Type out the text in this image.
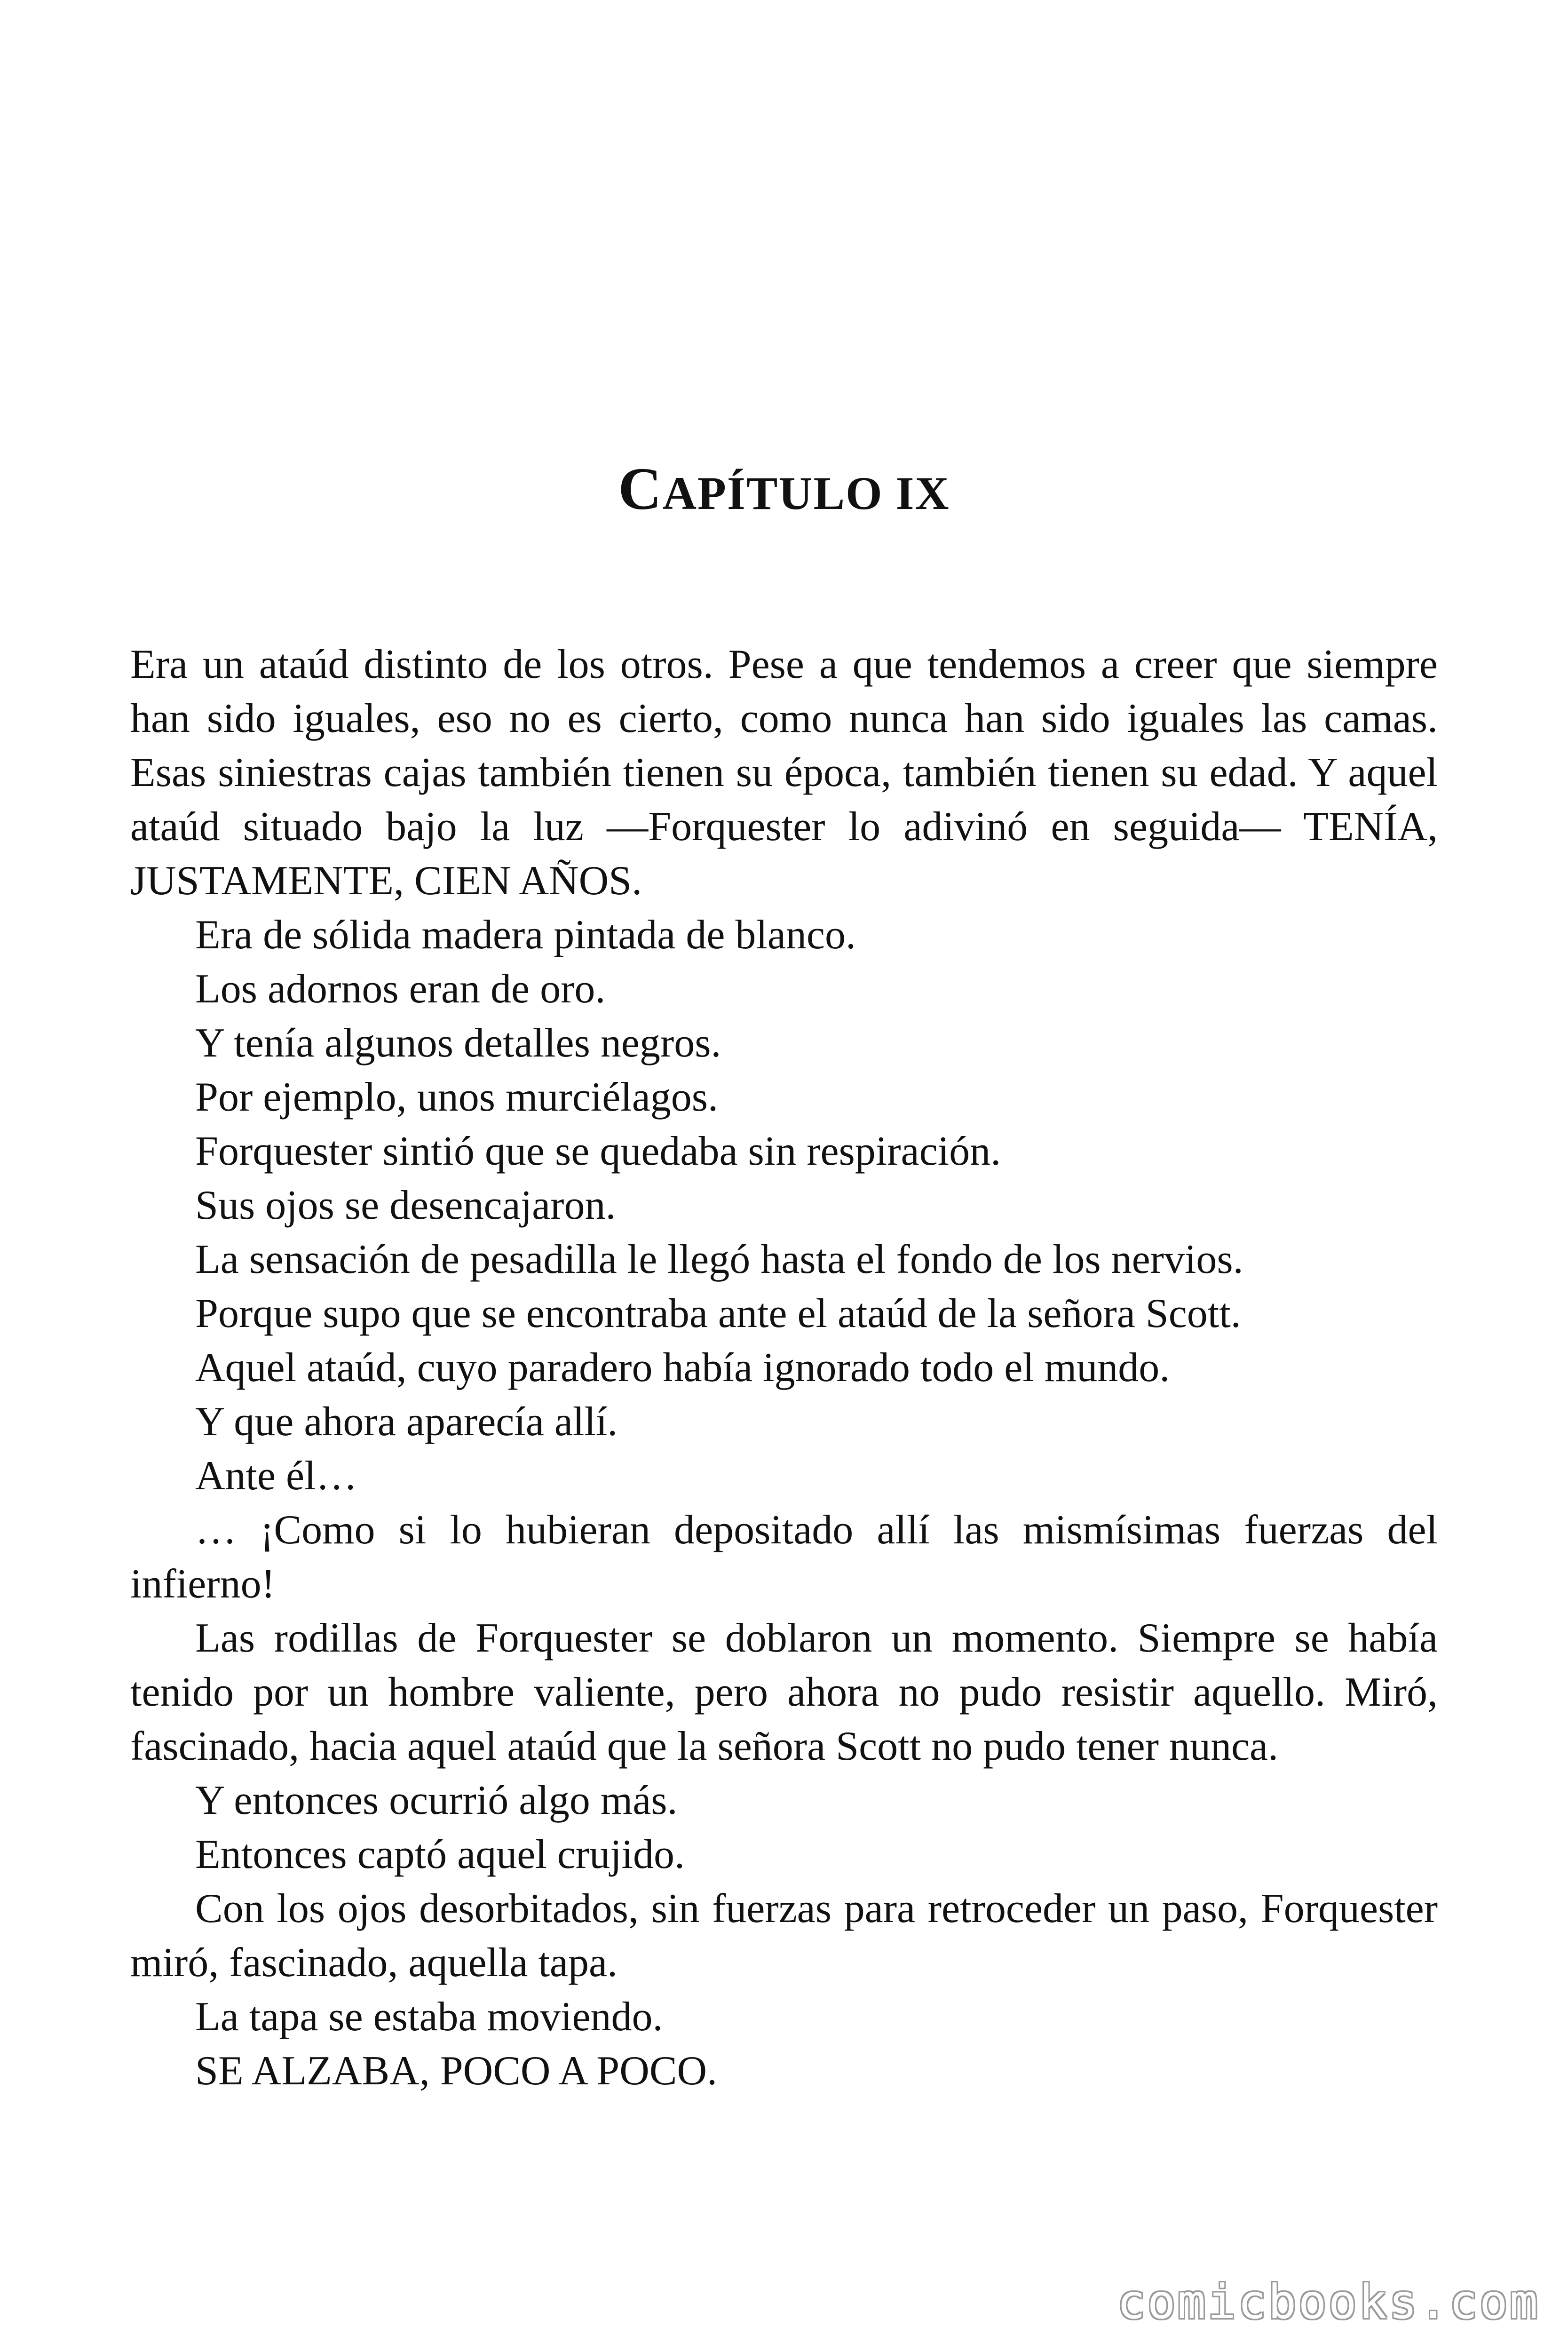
CAPÍTULO IX

Era un ataúd distinto de los otros. Pese a que tendemos a creer que siempre han sido iguales, eso no es cierto, como nunca han sido iguales las camas. Esas siniestras cajas también tienen su época, también tienen su edad. Y aquel ataúd situado bajo la luz —Forquester lo adivinó en seguida— TENÍA, JUSTAMENTE, CIEN AÑOS.

Era de sólida madera pintada de blanco.

Los adornos eran de oro.

Y tenía algunos detalles negros.

Por ejemplo, unos murciélagos.

Forquester sintió que se quedaba sin respiración.

Sus ojos se desencajaron.

La sensación de pesadilla le llegó hasta el fondo de los nervios.

Porque supo que se encontraba ante el ataúd de la señora Scott.

Aquel ataúd, cuyo paradero había ignorado todo el mundo.

Y que ahora aparecía allí.

Ante él…

… ¡Como si lo hubieran depositado allí las mismísimas fuerzas del infierno!

Las rodillas de Forquester se doblaron un momento. Siempre se había tenido por un hombre valiente, pero ahora no pudo resistir aquello. Miró, fascinado, hacia aquel ataúd que la señora Scott no pudo tener nunca.

Y entonces ocurrió algo más.

Entonces captó aquel crujido.

Con los ojos desorbitados, sin fuerzas para retroceder un paso, Forquester miró, fascinado, aquella tapa.

La tapa se estaba moviendo.

SE ALZABA, POCO A POCO.

comicbooks.com
